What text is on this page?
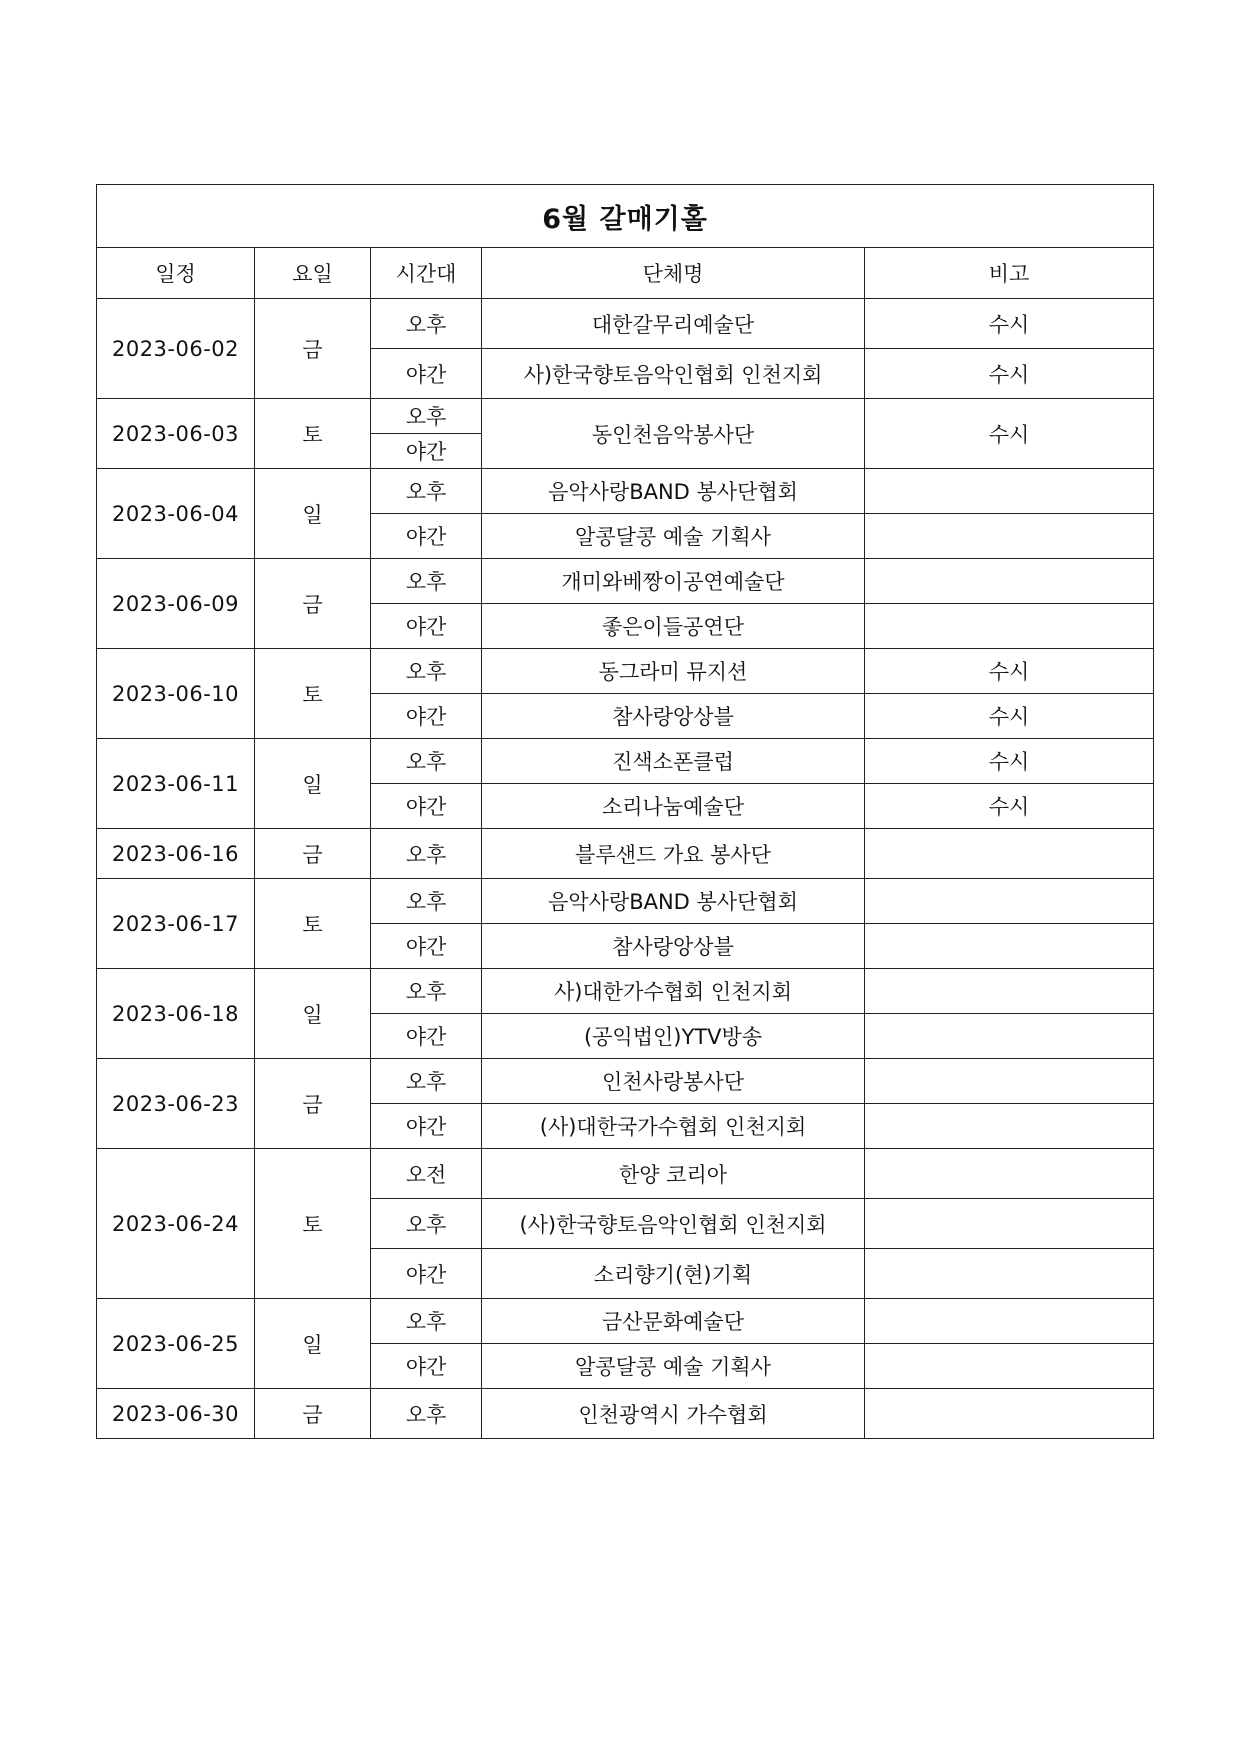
6월 갈매기홀				
일정	요일	시간대	단체명	비고
2023-06-02	금	오후	대한갈무리예술단	수시
		야간	사)한국향토음악인협회 인천지회	수시
2023-06-03	토	오후	동인천음악봉사단	수시
		야간		
2023-06-04	일	오후	음악사랑BAND 봉사단협회	
		야간	알콩달콩 예술 기획사	
2023-06-09	금	오후	개미와베짱이공연예술단	
		야간	좋은이들공연단	
2023-06-10	토	오후	동그라미 뮤지션	수시
		야간	참사랑앙상블	수시
2023-06-11	일	오후	진색소폰클럽	수시
		야간	소리나눔예술단	수시
2023-06-16	금	오후	블루샌드 가요 봉사단	
2023-06-17	토	오후	음악사랑BAND 봉사단협회	
		야간	참사랑앙상블	
2023-06-18	일	오후	사)대한가수협회 인천지회	
		야간	(공익법인)YTV방송	
2023-06-23	금	오후	인천사랑봉사단	
		야간	(사)대한국가수협회 인천지회	
2023-06-24	토	오전	한양 코리아	
		오후	(사)한국향토음악인협회 인천지회	
		야간	소리향기(현)기획	
2023-06-25	일	오후	금산문화예술단	
		야간	알콩달콩 예술 기획사	
2023-06-30	금	오후	인천광역시 가수협회	
